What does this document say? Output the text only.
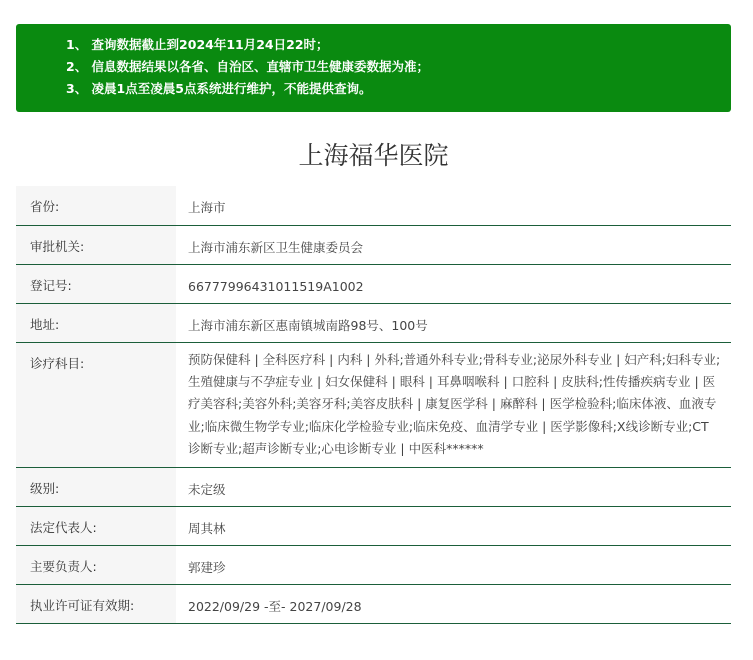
1、 查询数据截止到2024年11月24日22时；
2、 信息数据结果以各省、自治区、直辖市卫生健康委数据为准；
3、 凌晨1点至凌晨5点系统进行维护，不能提供查询。
上海福华医院
省份:	上海市
审批机关:	上海市浦东新区卫生健康委员会
登记号:	66777996431011519A1002
地址:	上海市浦东新区惠南镇城南路98号、100号
诊疗科目:	预防保健科 | 全科医疗科 | 内科 | 外科;普通外科专业;骨科专业;泌尿外科专业 | 妇产科;妇科专业;生殖健康与不孕症专业 | 妇女保健科 | 眼科 | 耳鼻咽喉科 | 口腔科 | 皮肤科;性传播疾病专业 | 医疗美容科;美容外科;美容牙科;美容皮肤科 | 康复医学科 | 麻醉科 | 医学检验科;临床体液、血液专业;临床微生物学专业;临床化学检验专业;临床免疫、血清学专业 | 医学影像科;X线诊断专业;CT诊断专业;超声诊断专业;心电诊断专业 | 中医科******
级别:	未定级
法定代表人:	周其林
主要负责人:	郭建珍
执业许可证有效期:	2022/09/29 -至- 2027/09/28
